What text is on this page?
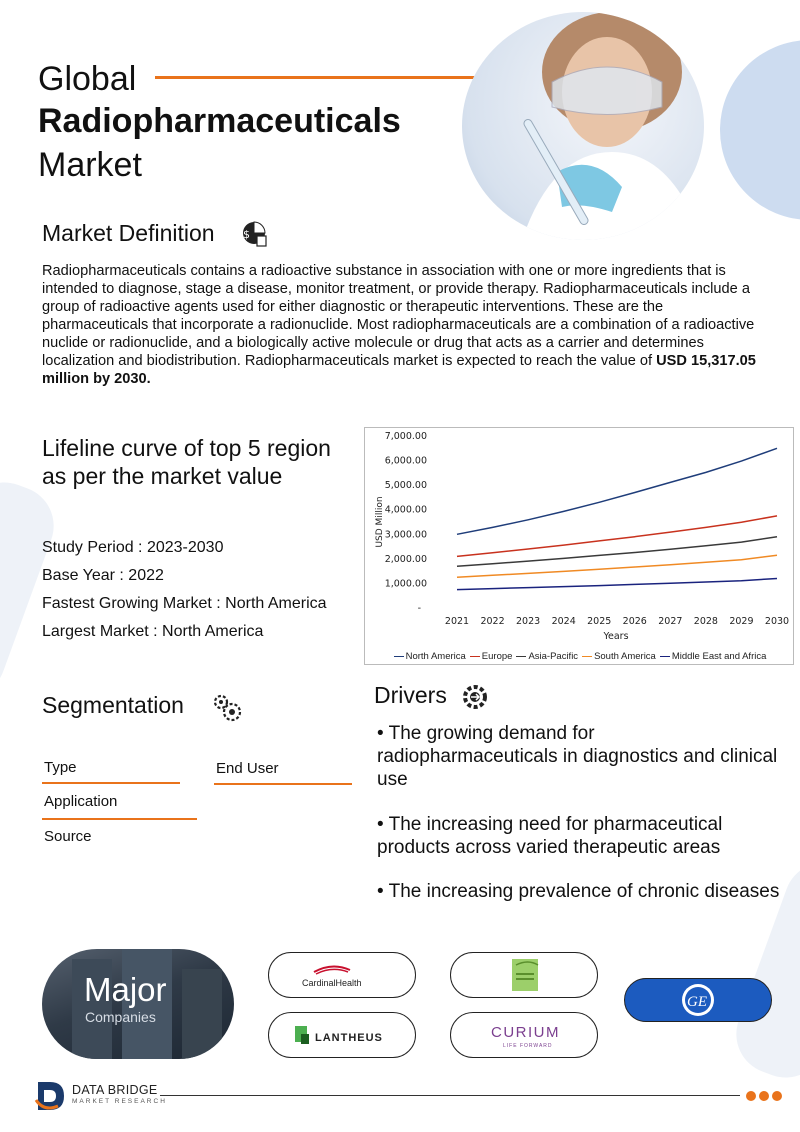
Global
Radiopharmaceuticals
Market
Market Definition	$
Radiopharmaceuticals contains a radioactive substance in association with one or more ingredients that is intended to diagnose, stage a disease, monitor treatment, or provide therapy. Radiopharmaceuticals include a group of radioactive agents used for either diagnostic or therapeutic interventions. These are the pharmaceuticals that incorporate a radionuclide. Most radiopharmaceuticals are a combination of a radioactive nuclide or radionuclide, and a biologically active molecule or drug that acts as a carrier and determines localization and biodistribution. Radiopharmaceuticals market is expected to reach the value of USD 15,317.05 million by 2030.
Lifeline curve of top 5 region as per the market value
Study Period : 2023-2030
Base Year : 2022
Fastest Growing Market : North America
Largest Market : North America
-
1,000.00
2,000.00
3,000.00
4,000.00
5,000.00
6,000.00
7,000.00
2021 2022 2023 2024 2025 2026 2027 2028 2029 2030
Years
USD Million
North America Europe Asia-Pacific South America Middle East and Africa
Segmentation
Type	End User
Application
Source
Drivers
• The growing demand for radiopharmaceuticals in diagnostics and clinical use
• The increasing need for pharmaceutical products across varied therapeutic areas
• The increasing prevalence of chronic diseases
Major
Companies
CardinalHealth
LANTHEUS	CURIUM
LIFE FORWARD
GE
DATA BRIDGE
MARKET RESEARCH
